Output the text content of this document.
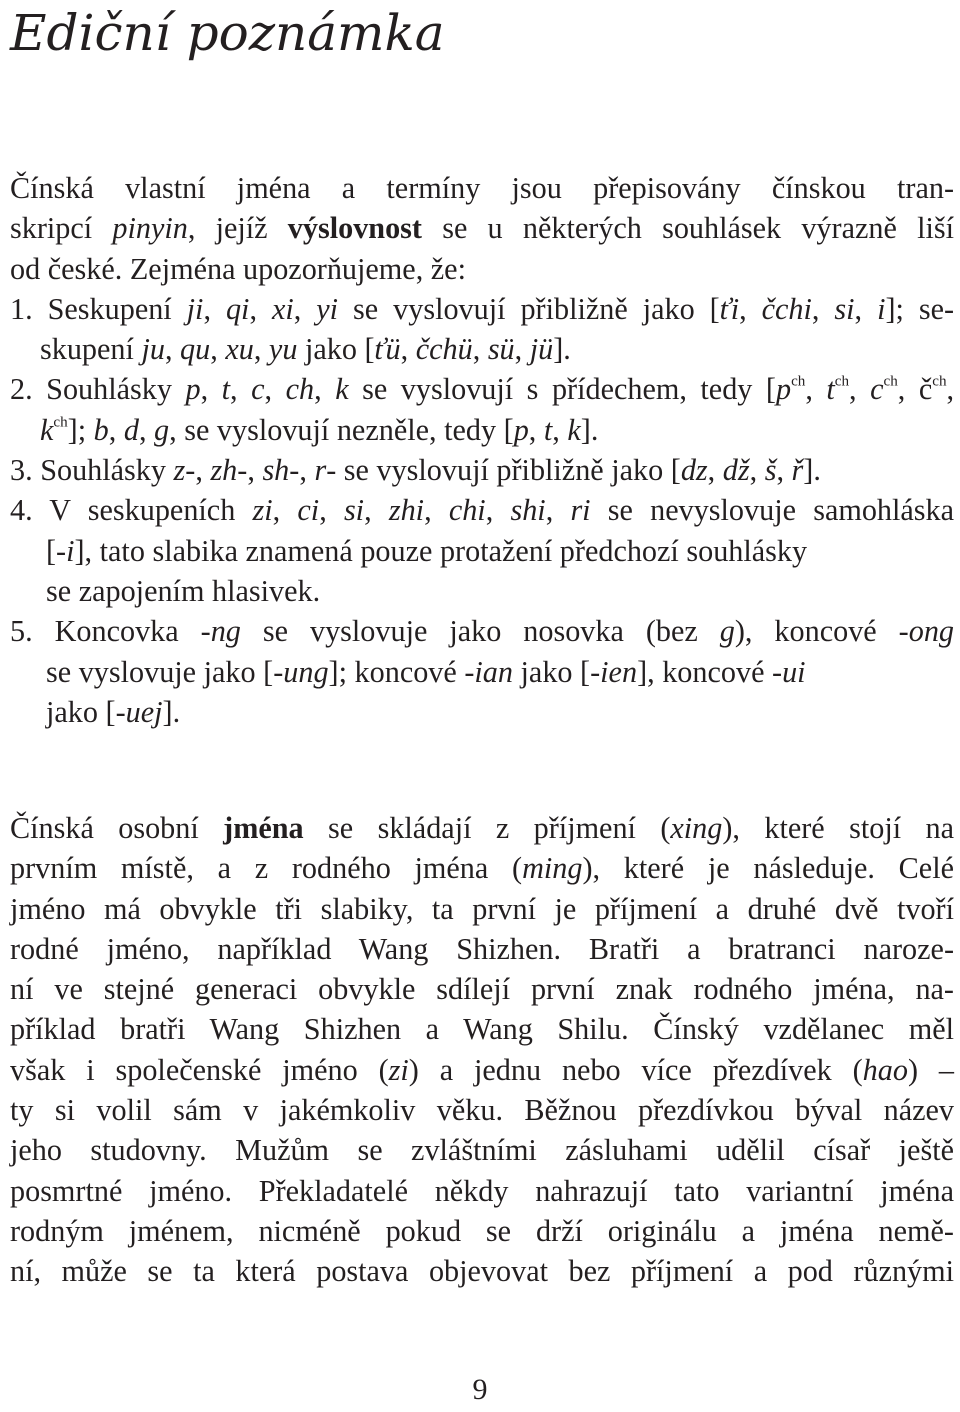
Ediční poznámka
Čínská vlastní jména a termíny jsou přepisovány čínskou tran-
skripcí pinyin, jejíž výslovnost se u některých souhlásek výrazně liší
od české. Zejména upozorňujeme, že:
1. Seskupení ji, qi, xi, yi se vyslovují přibližně jako [ťi, čchi, si, i]; se-
skupení ju, qu, xu, yu jako [ťü, čchü, sü, jü].
2. Souhlásky p, t, c, ch, k se vyslovují s přídechem, tedy [$p^{ch}$, $t^{ch}$, $c^{ch}$, $č^{ch}$,
$k^{ch}$]; b, d, g, se vyslovují nezněle, tedy [p, t, k].
3. Souhlásky z-, zh-, sh-, r- se vyslovují přibližně jako [dz, dž, š, ř].
4. V seskupeních zi, ci, si, zhi, chi, shi, ri se nevyslovuje samohláska
[-i], tato slabika znamená pouze protažení předchozí souhlásky
se zapojením hlasivek.
5. Koncovka -ng se vyslovuje jako nosovka (bez g), koncové -ong
se vyslovuje jako [-ung]; koncové -ian jako [-ien], koncové -ui
jako [-uej].
Čínská osobní jména se skládají z příjmení (xing), které stojí na
prvním místě, a z rodného jména (ming), které je následuje. Celé
jméno má obvykle tři slabiky, ta první je příjmení a druhé dvě tvoří
rodné jméno, například Wang Shizhen. Bratři a bratranci naroze-
ní ve stejné generaci obvykle sdílejí první znak rodného jména, na-
příklad bratři Wang Shizhen a Wang Shilu. Čínský vzdělanec měl
však i společenské jméno (zi) a jednu nebo více přezdívek (hao) –
ty si volil sám v jakémkoliv věku. Běžnou přezdívkou býval název
jeho studovny. Mužům se zvláštními zásluhami udělil císař ještě
posmrtné jméno. Překladatelé někdy nahrazují tato variantní jména
rodným jménem, nicméně pokud se drží originálu a jména nemě-
ní, může se ta která postava objevovat bez příjmení a pod různými
9
